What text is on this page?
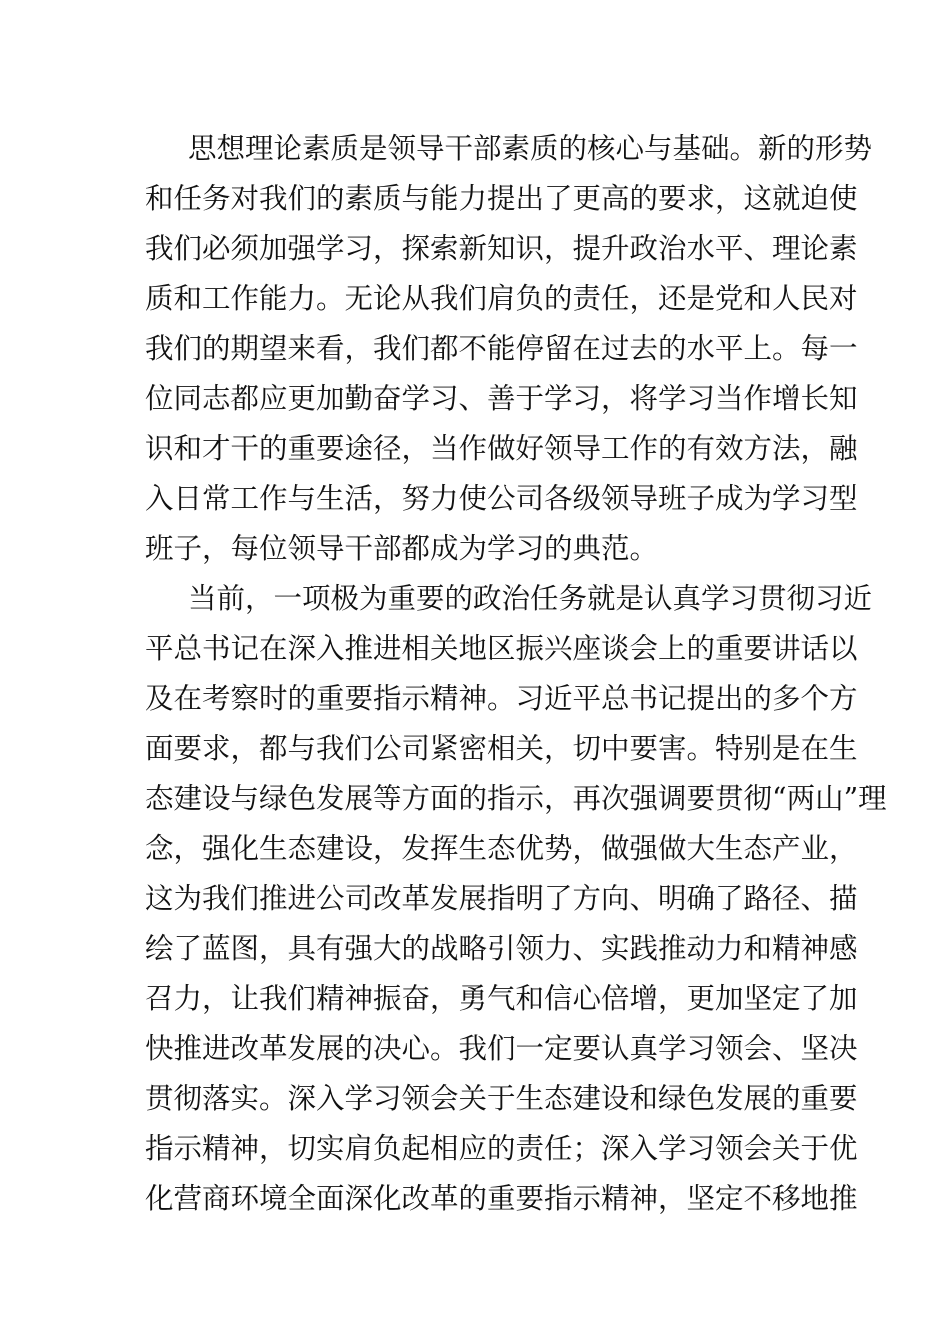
思想理论素质是领导干部素质的核心与基础。新的形势
和任务对我们的素质与能力提出了更高的要求，这就迫使
我们必须加强学习，探索新知识，提升政治水平、理论素
质和工作能力。无论从我们肩负的责任，还是党和人民对
我们的期望来看，我们都不能停留在过去的水平上。每一
位同志都应更加勤奋学习、善于学习，将学习当作增长知
识和才干的重要途径，当作做好领导工作的有效方法，融
入日常工作与生活，努力使公司各级领导班子成为学习型
班子，每位领导干部都成为学习的典范。
当前，一项极为重要的政治任务就是认真学习贯彻习近
平总书记在深入推进相关地区振兴座谈会上的重要讲话以
及在考察时的重要指示精神。习近平总书记提出的多个方
面要求，都与我们公司紧密相关，切中要害。特别是在生
态建设与绿色发展等方面的指示，再次强调要贯彻“两山”理
念，强化生态建设，发挥生态优势，做强做大生态产业，
这为我们推进公司改革发展指明了方向、明确了路径、描
绘了蓝图，具有强大的战略引领力、实践推动力和精神感
召力，让我们精神振奋，勇气和信心倍增，更加坚定了加
快推进改革发展的决心。我们一定要认真学习领会、坚决
贯彻落实。深入学习领会关于生态建设和绿色发展的重要
指示精神，切实肩负起相应的责任；深入学习领会关于优
化营商环境全面深化改革的重要指示精神，坚定不移地推
